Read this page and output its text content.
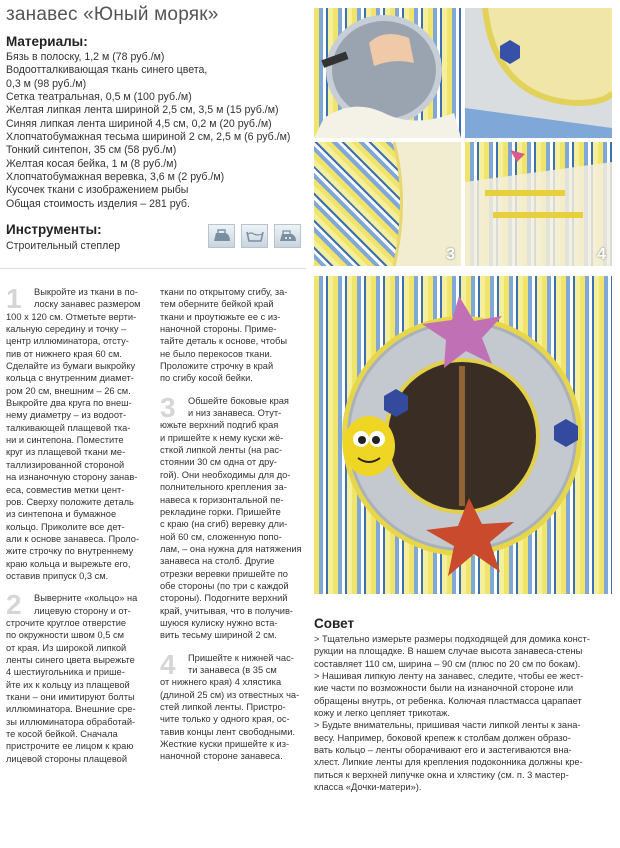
занавес «Юный моряк»
Материалы:
Бязь в полоску, 1,2 м (78 руб./м)
Водоотталкивающая ткань синего цвета,
0,3 м (98 руб./м)
Сетка театральная, 0,5 м (100 руб./м)
Желтая липкая лента шириной 2,5 см, 3,5 м (15 руб./м)
Синяя липкая лента шириной 4,5 см, 0,2 м (20 руб./м)
Хлопчатобумажная тесьма шириной 2 см, 2,5 м (6 руб./м)
Тонкий синтепон, 35 см (58 руб./м)
Желтая косая бейка, 1 м (8 руб./м)
Хлопчатобумажная веревка, 3,6 м (2 руб./м)
Кусочек ткани с изображением рыбы
Общая стоимость изделия – 281 руб.
Инструменты:
Строительный степлер
1	Выкройте из ткани в по-

лоску занавес размером

100 х 120 см. Отметьте верти-

кальную середину и точку –

центр иллюминатора, отсту-

пив от нижнего края 60 см.

Сделайте из бумаги выкройку

кольца с внутренним диамет-

ром 20 см, внешним – 26 см.

Выкройте два круга по внеш-

нему диаметру – из водоот-

талкивающей плащевой тка-

ни и синтепона. Поместите

круг из плащевой ткани ме-

таллизированной стороной

на изнаночную сторону занав-

еса, совместив метки цент-

ров. Сверху положите деталь

из синтепона и бумажное

кольцо. Приколите все дет-

али к основе занавеса. Проло-

жите строчку по внутреннему

краю кольца и вырежьте его,

оставив припуск 0,3 см.

2	Выверните «кольцо» на

лицевую сторону и от-

строчите круглое отверстие

по окружности швом 0,5 см

от края. Из широкой липкой

ленты синего цвета вырежьте

4 шестиугольника и прише-

йте их к кольцу из плащевой

ткани – они имитируют болты

иллюминатора. Внешние сре-

зы иллюминатора обработай-

те косой бейкой. Сначала

пристрочите ее лицом к краю

лицевой стороны плащевой

ткани по открытому сгибу, за-

тем оберните бейкой край

ткани и проутюжьте ее с из-

наночной стороны. Приме-

тайте деталь к основе, чтобы

не было перекосов ткани.

Проложите строчку в край

по сгибу косой бейки.

3	Обшейте боковые края

и низ занавеса. Отут-

южьте верхний подгиб края

и пришейте к нему куски жё-

сткой липкой ленты (на рас-

стоянии 30 см одна от дру-

гой). Они необходимы для до-

полнительного крепления за-

навеса к горизонтальной пе-

рекладине горки. Пришейте

с краю (на сгиб) веревку дли-

ной 60 см, сложенную попо-

лам, – она нужна для натяжения

занавеса на столб. Другие

отрезки веревки пришейте по

обе стороны (по три с каждой

стороны). Подогните верхний

край, учитывая, что в получив-

шуюся кулиску нужно вста-

вить тесьму шириной 2 см.

4	Пришейте к нижней час-

ти занавеса (в 35 см

от нижнего края) 4 хлястика

(длиной 25 см) из отвестных ча-

стей липкой ленты. Пристро-

чите только у одного края, ос-

тавив концы лент свободными.

Жесткие куски пришейте к из-

наночной стороне занавеса.

3	4
Совет

> Тщательно измерьте размеры подходящей для домика конст-

рукции на площадке. В нашем случае высота занавеса-стены

составляет 110 см, ширина – 90 см (плюс по 20 см по бокам).

> Нашивая липкую ленту на занавес, следите, чтобы ее жест-

кие части по возможности были на изнаночной стороне или

обращены внутрь, от ребенка. Колючая пластмасса царапает

кожу и легко цепляет трикотаж.

> Будьте внимательны, пришивая части липкой ленты к зана-

весу. Например, боковой крепеж к столбам должен образо-

вать кольцо – ленты оборачивают его и застегиваются вна-

хлест. Липкие ленты для крепления подоконника должны кре-

питься к верхней липучке окна и хлястику (см. п. 3 мастер-

класса «Дочки-матери»).
